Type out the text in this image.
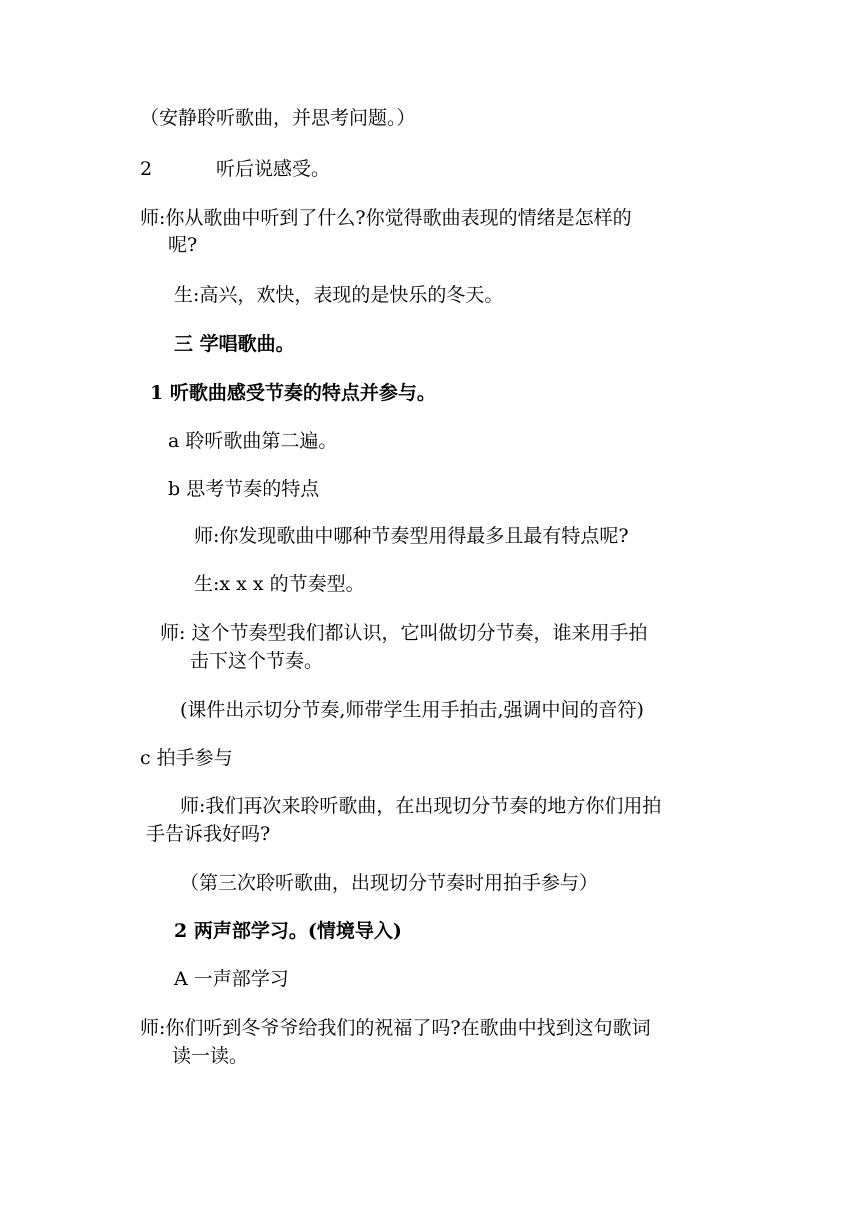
（安静聆听歌曲，并思考问题。）
2	听后说感受。
师:你从歌曲中听到了什么?你觉得歌曲表现的情绪是怎样的
呢?
生:高兴，欢快，表现的是快乐的冬天。
三 学唱歌曲。
1 听歌曲感受节奏的特点并参与。
a 聆听歌曲第二遍。
b 思考节奏的特点
师:你发现歌曲中哪种节奏型用得最多且最有特点呢?
生:x x x 的节奏型。
师: 这个节奏型我们都认识，它叫做切分节奏，谁来用手拍
击下这个节奏。
(课件出示切分节奏,师带学生用手拍击,强调中间的音符)
c 拍手参与
师:我们再次来聆听歌曲，在出现切分节奏的地方你们用拍
手告诉我好吗?
（第三次聆听歌曲，出现切分节奏时用拍手参与）
2 两声部学习。(情境导入)
A 一声部学习
师:你们听到冬爷爷给我们的祝福了吗?在歌曲中找到这句歌词
读一读。
